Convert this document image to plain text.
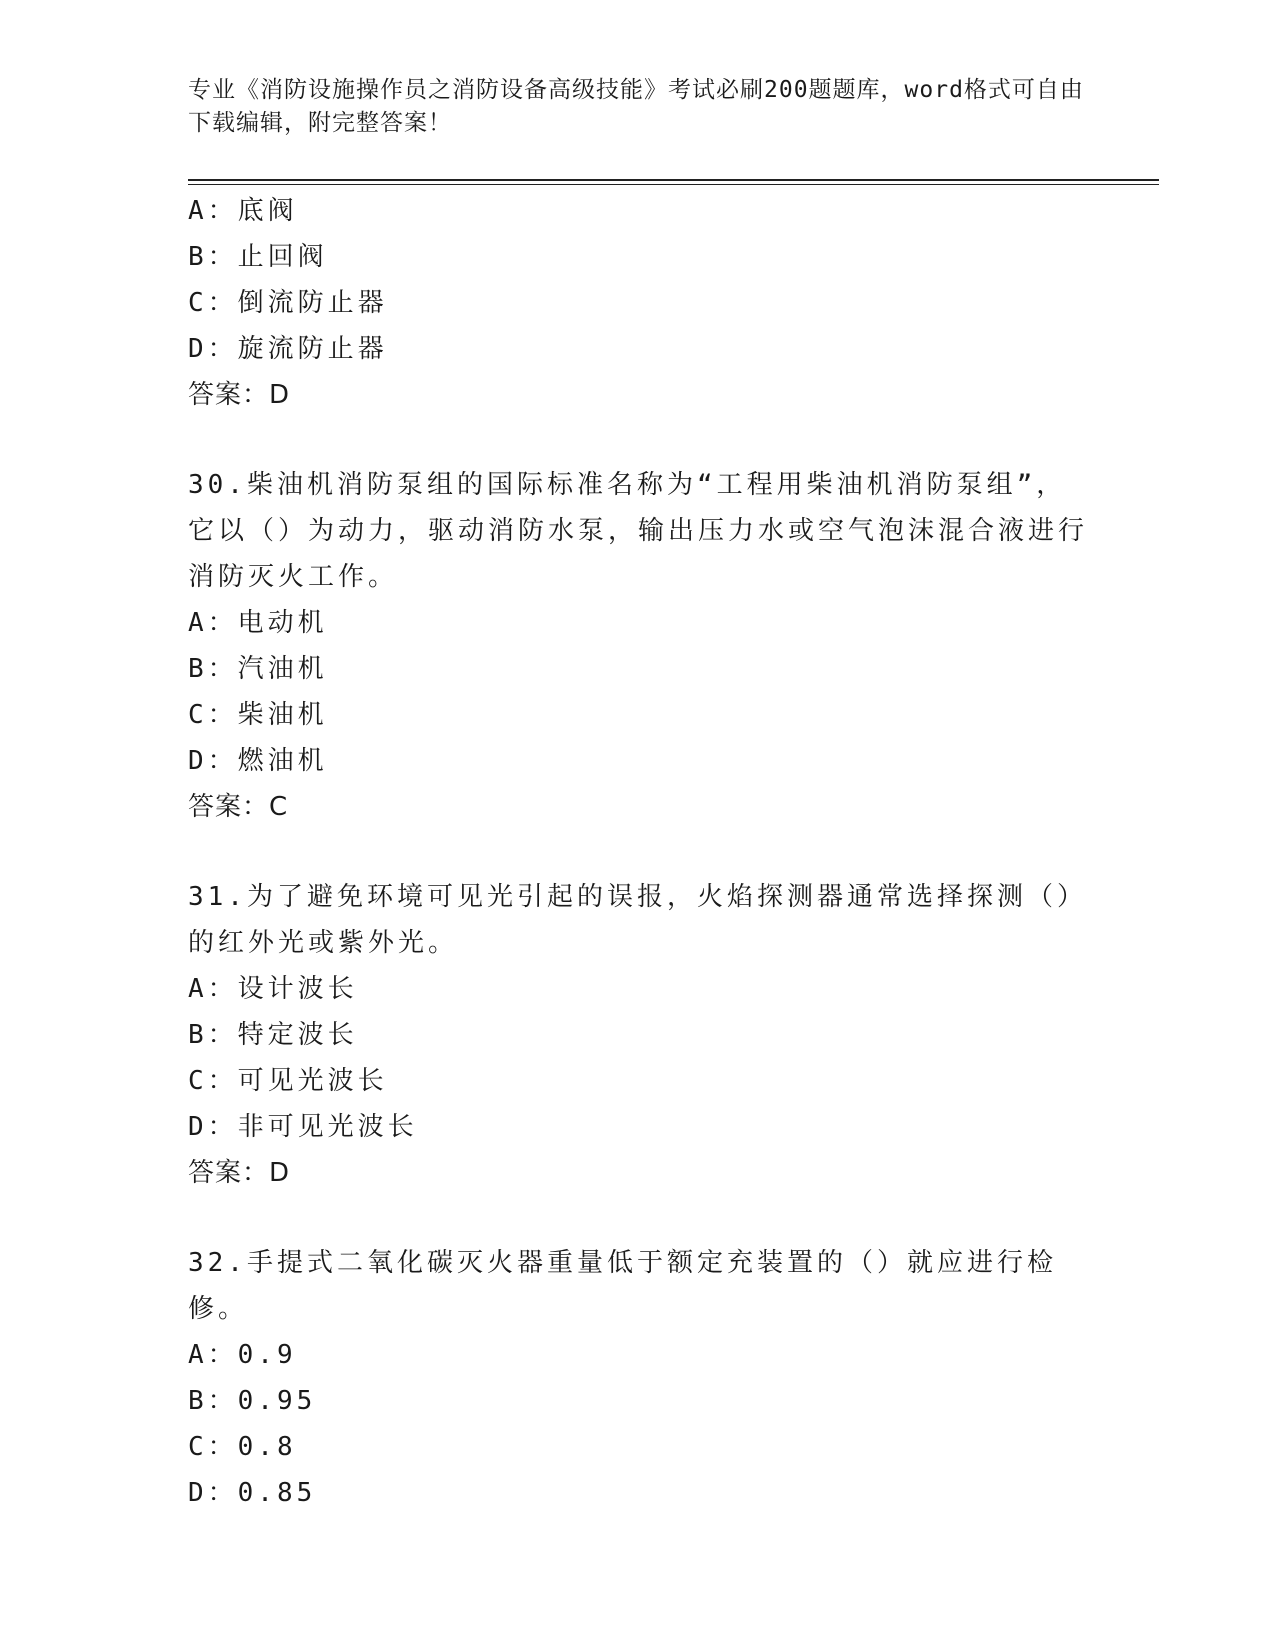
专业《消防设施操作员之消防设备高级技能》考试必刷200题题库，word格式可自由下载编辑，附完整答案！
A：底阀
B：止回阀
C：倒流防止器
D：旋流防止器
答案：D
30.柴油机消防泵组的国际标准名称为“工程用柴油机消防泵组”，它以（）为动力，驱动消防水泵，输出压力水或空气泡沫混合液进行消防灭火工作。
A：电动机
B：汽油机
C：柴油机
D：燃油机
答案：C
31.为了避免环境可见光引起的误报，火焰探测器通常选择探测（）的红外光或紫外光。
A：设计波长
B：特定波长
C：可见光波长
D：非可见光波长
答案：D
32.手提式二氧化碳灭火器重量低于额定充装置的（）就应进行检修。
A：0.9
B：0.95
C：0.8
D：0.85
